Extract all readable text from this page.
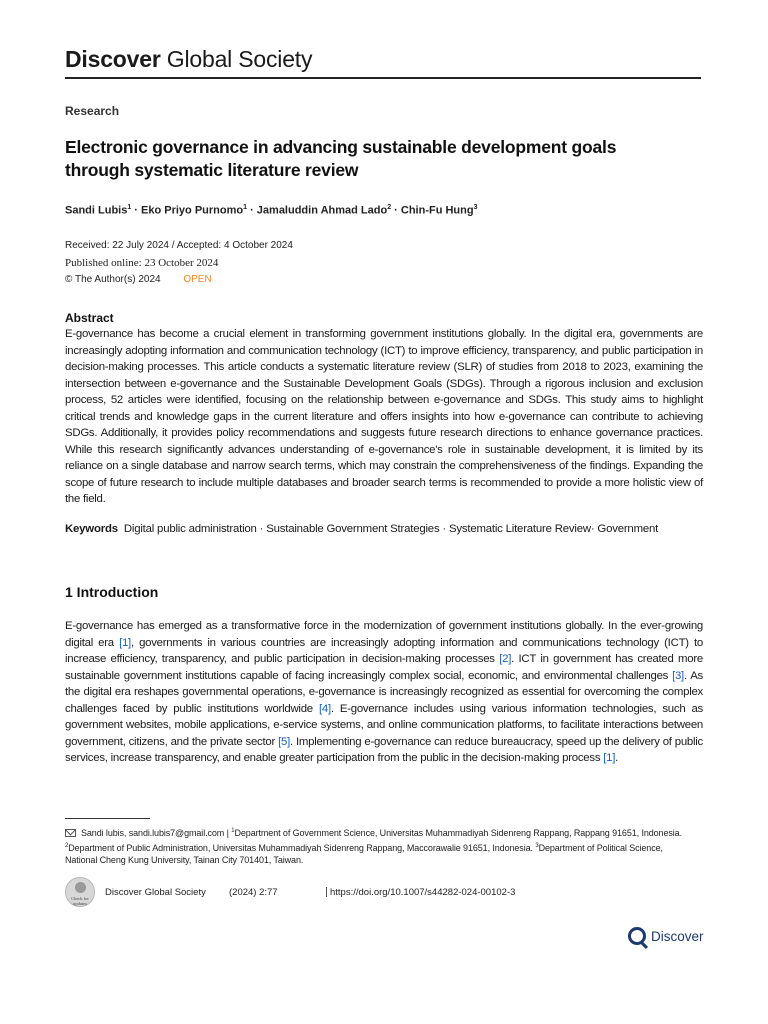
Discover Global Society
Research
Electronic governance in advancing sustainable development goals
through systematic literature review
Sandi Lubis$^1$ · Eko Priyo Purnomo$^1$ · Jamaluddin Ahmad Lado$^2$ · Chin-Fu Hung$^3$
Received: 22 July 2024 / Accepted: 4 October 2024
Published online: 23 October 2024
© The Author(s) 2024 OPEN
Abstract
E-governance has become a crucial element in transforming government institutions globally. In the digital era, governments are increasingly adopting information and communication technology (ICT) to improve efficiency, transparency, and public participation in decision-making processes. This article conducts a systematic literature review (SLR) of studies from 2018 to 2023, examining the intersection between e-governance and the Sustainable Development Goals (SDGs). Through a rigorous inclusion and exclusion process, 52 articles were identified, focusing on the relationship between e-governance and SDGs. This study aims to highlight critical trends and knowledge gaps in the current literature and offers insights into how e-governance can contribute to achieving SDGs. Additionally, it provides policy recommendations and suggests future research directions to enhance governance practices. While this research significantly advances understanding of e-governance's role in sustainable development, it is limited by its reliance on a single database and narrow search terms, which may constrain the comprehensiveness of the findings. Expanding the scope of future research to include multiple databases and broader search terms is recommended to provide a more holistic view of the field.
Keywords Digital public administration · Sustainable Government Strategies · Systematic Literature Review· Government
1 Introduction
E-governance has emerged as a transformative force in the modernization of government institutions globally. In the ever-growing digital era [1], governments in various countries are increasingly adopting information and communications technology (ICT) to increase efficiency, transparency, and public participation in decision-making processes [2]. ICT in government has created more sustainable government institutions capable of facing increasingly complex social, economic, and environmental challenges [3]. As the digital era reshapes governmental operations, e-governance is increasingly recognized as essential for overcoming the complex challenges faced by public institutions worldwide [4]. E-governance includes using various information technologies, such as government websites, mobile applications, e-service systems, and online communication platforms, to facilitate interactions between government, citizens, and the private sector [5]. Implementing e-governance can reduce bureaucracy, speed up the delivery of public services, increase transparency, and enable greater participation from the public in the decision-making process [1].
Sandi lubis, sandi.lubis7@gmail.com | $^1$Department of Government Science, Universitas Muhammadiyah Sidenreng Rappang, Rappang 91651, Indonesia. $^2$Department of Public Administration, Universitas Muhammadiyah Sidenreng Rappang, Maccorawalie 91651, Indonesia. $^3$Department of Political Science, National Cheng Kung University, Tainan City 701401, Taiwan.
Check for updates
Discover Global Society (2024) 2:77	https://doi.org/10.1007/s44282-024-00102-3
Discover
